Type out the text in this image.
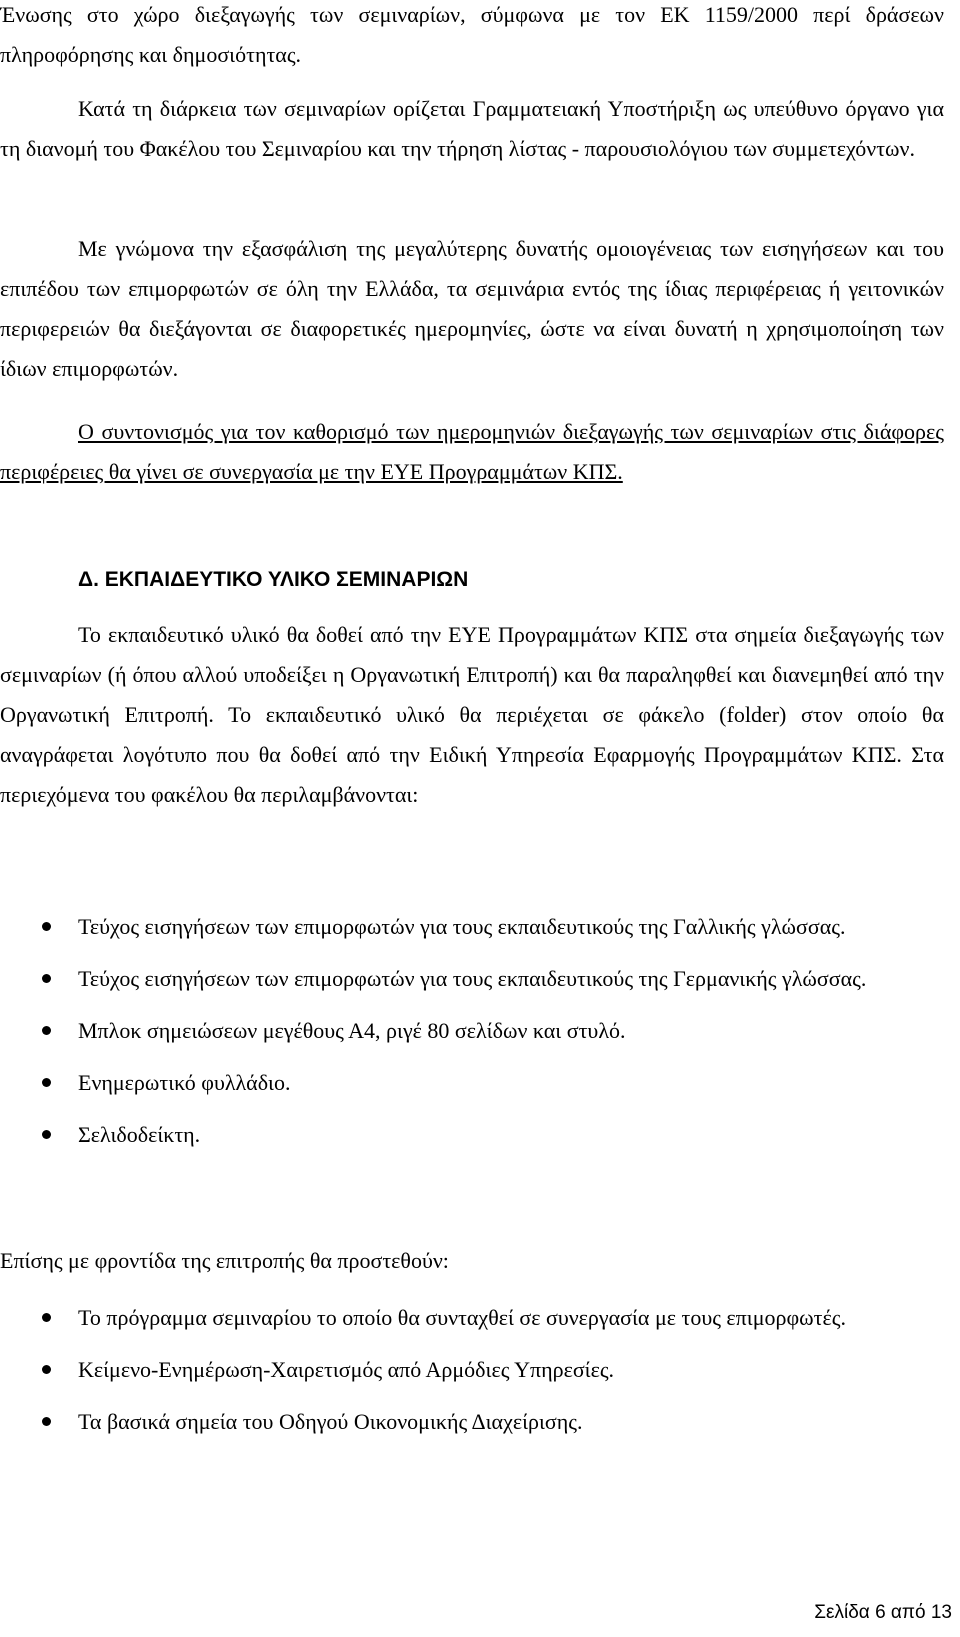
Ένωσης στο χώρο διεξαγωγής των σεμιναρίων, σύμφωνα με τον ΕΚ 1159/2000 περί δράσεων πληροφόρησης και δημοσιότητας.

Κατά τη διάρκεια των σεμιναρίων ορίζεται Γραμματειακή Υποστήριξη ως υπεύθυνο όργανο για τη διανομή του Φακέλου του Σεμιναρίου και την τήρηση λίστας - παρουσιολόγιου των συμμετεχόντων.

Με γνώμονα την εξασφάλιση της μεγαλύτερης δυνατής ομοιογένειας των εισηγήσεων και του επιπέδου των επιμορφωτών σε όλη την Ελλάδα, τα σεμινάρια εντός της ίδιας περιφέρειας ή γειτονικών περιφερειών θα διεξάγονται σε διαφορετικές ημερομηνίες, ώστε να είναι δυνατή η χρησιμοποίηση των ίδιων επιμορφωτών.

Ο συντονισμός για τον καθορισμό των ημερομηνιών διεξαγωγής των σεμιναρίων στις διάφορες περιφέρειες θα γίνει σε συνεργασία με την ΕΥΕ Προγραμμάτων ΚΠΣ.

Δ. ΕΚΠΑΙΔΕΥΤΙΚΟ ΥΛΙΚΟ ΣΕΜΙΝΑΡΙΩΝ

Το εκπαιδευτικό υλικό θα δοθεί από την ΕΥΕ Προγραμμάτων ΚΠΣ στα σημεία διεξαγωγής των σεμιναρίων (ή όπου αλλού υποδείξει η Οργανωτική Επιτροπή) και θα παραληφθεί και διανεμηθεί από την Οργανωτική Επιτροπή. Το εκπαιδευτικό υλικό θα περιέχεται σε φάκελο (folder) στον οποίο θα αναγράφεται λογότυπο που θα δοθεί από την Ειδική Υπηρεσία Εφαρμογής Προγραμμάτων ΚΠΣ. Στα περιεχόμενα του φακέλου θα περιλαμβάνονται:

Τεύχος εισηγήσεων των επιμορφωτών για τους εκπαιδευτικούς της Γαλλικής γλώσσας.
Τεύχος εισηγήσεων των επιμορφωτών για τους εκπαιδευτικούς της Γερμανικής γλώσσας.
Μπλοκ σημειώσεων μεγέθους Α4, ριγέ 80 σελίδων και στυλό.
Ενημερωτικό φυλλάδιο.
Σελιδοδείκτη.

Επίσης με φροντίδα της επιτροπής θα προστεθούν:

Το πρόγραμμα σεμιναρίου το οποίο θα συνταχθεί σε συνεργασία με τους επιμορφωτές.
Κείμενο-Ενημέρωση-Χαιρετισμός από Αρμόδιες Υπηρεσίες.
Τα βασικά σημεία του Οδηγού Οικονομικής Διαχείρισης.
Σελίδα 6 από 13
